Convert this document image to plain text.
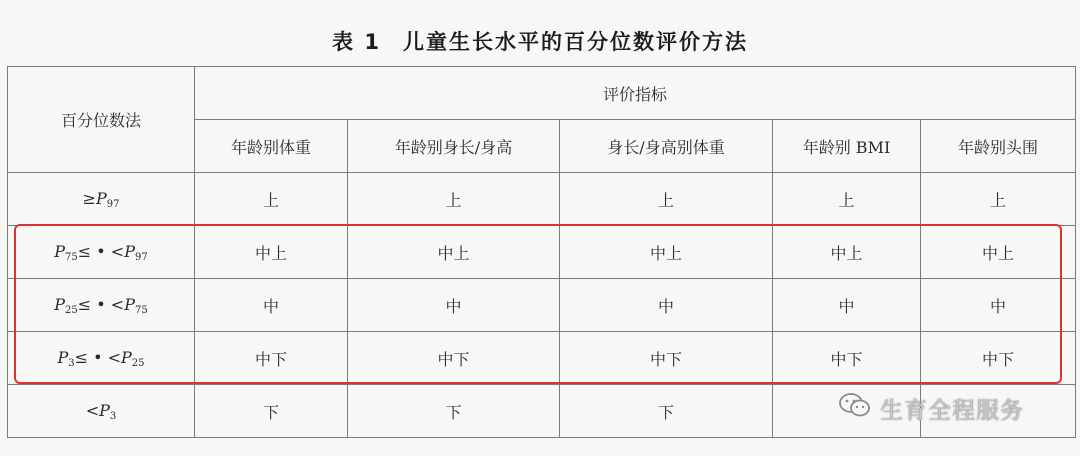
表 1 儿童生长水平的百分位数评价方法
百分位数法	评价指标				
	年龄别体重	年龄别身长/身高	身长/身高别体重	年龄别 BMI	年龄别头围
$\ge P_{97}$	上	上	上	上	上
$P_{75}\le$ • $<P_{97}$	中上	中上	中上	中上	中上
$P_{25}\le$ • $<P_{75}$	中	中	中	中	中
$P_3\le$ • $<P_{25}$	中下	中下	中下	中下	中下
$<P_3$	下	下	下			生育全程服务
